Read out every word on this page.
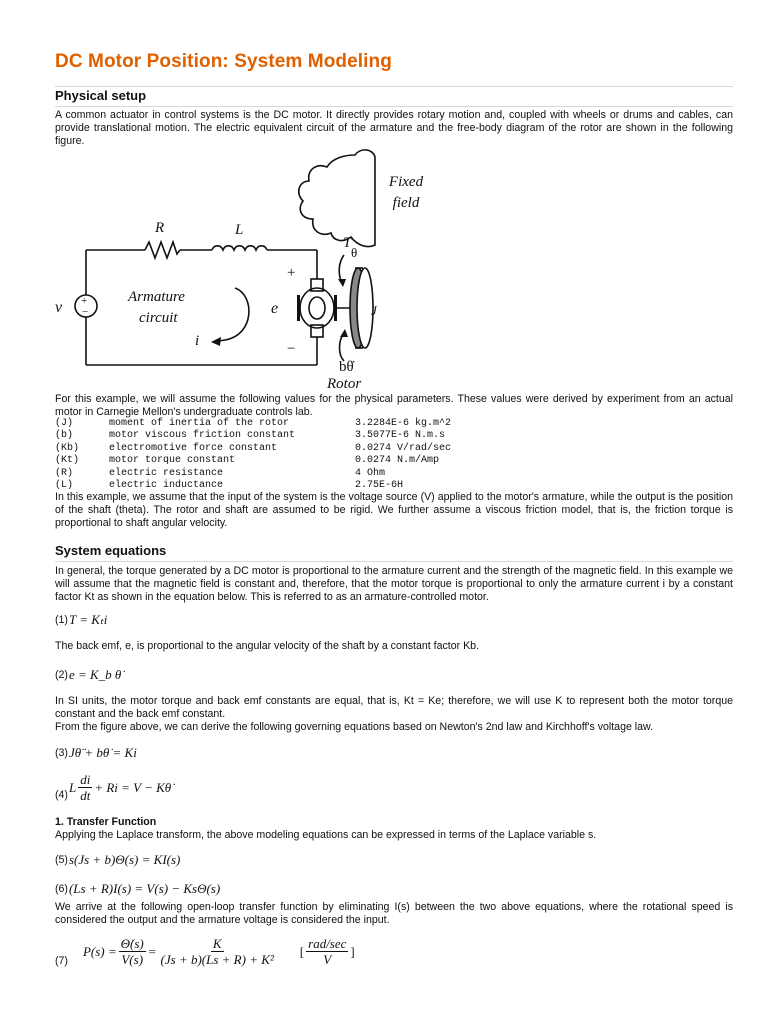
DC Motor Position: System Modeling
Physical setup
A common actuator in control systems is the DC motor. It directly provides rotary motion and, coupled with wheels or drums and cables, can provide translational motion. The electric equivalent circuit of the armature and the free-body diagram of the rotor are shown in the following figure.
+
−
R	L
T
θ
+
−
v
Armature
circuit
e
i
J
bθ̇
Rotor
Fixed
field
For this example, we will assume the following values for the physical parameters. These values were derived by experiment from an actual motor in Carnegie Mellon's undergraduate controls lab.
(J)	moment of inertia of the rotor	3.2284E-6 kg.m^2
(b)	motor viscous friction constant	3.5077E-6 N.m.s
(Kb)	electromotive force constant	0.0274 V/rad/sec
(Kt)	motor torque constant	0.0274 N.m/Amp
(R)	electric resistance	4 Ohm
(L)	electric inductance	2.75E-6H
In this example, we assume that the input of the system is the voltage source (V) applied to the motor's armature, while the output is the position of the shaft (theta). The rotor and shaft are assumed to be rigid. We further assume a viscous friction model, that is, the friction torque is proportional to shaft angular velocity.
System equations
In general, the torque generated by a DC motor is proportional to the armature current and the strength of the magnetic field. In this example we will assume that the magnetic field is constant and, therefore, that the motor torque is proportional to only the armature current i by a constant factor Kt as shown in the equation below. This is referred to as an armature-controlled motor.
(1) T = Kₜi
The back emf, e, is proportional to the angular velocity of the shaft by a constant factor Kb.
(2) e = K_b θ̇
In SI units, the motor torque and back emf constants are equal, that is, Kt = Ke; therefore, we will use K to represent both the motor torque constant and the back emf constant.
From the figure above, we can derive the following governing equations based on Newton's 2nd law and Kirchhoff's voltage law.
(3) Jθ̈ + bθ̇ = Ki
(4)
L $\frac{di}{dt} + Ri = V$ − Kθ̇
1. Transfer Function
Applying the Laplace transform, the above modeling equations can be expressed in terms of the Laplace variable s.
(5) s(Js + b)Θ(s) = KI(s)
(6) (Ls + R)I(s) = V(s) − KsΘ(s)
We arrive at the following open-loop transfer function by eliminating I(s) between the two above equations, where the rotational speed is considered the output and the armature voltage is considered the input.
(7)
$P(s) = \frac{\Thetȧ(s)}{V(s)} = \frac{K}{\text{(Js + b)(Ls + R) + K²}}$ [ $\frac{\text{rad/sec}}{V}$ ]
